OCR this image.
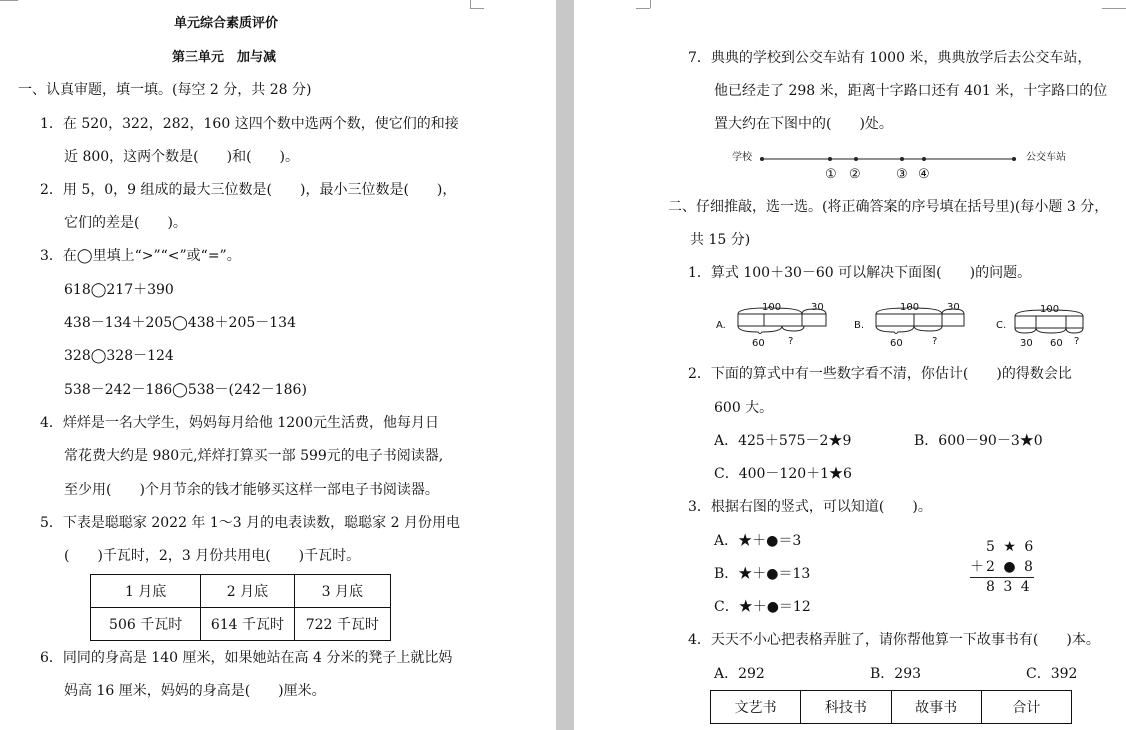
单元综合素质评价
第三单元　加与减
一、认真审题，填一填。(每空 2 分，共 28 分)
1．在 520，322，282，160 这四个数中选两个数，使它们的和接
近 800，这两个数是(　　)和(　　)。
2．用 5，0，9 组成的最大三位数是(　　)，最小三位数是(　　)，
它们的差是(　　)。
3．在◯里填上“>”“<”或“=”。
618◯217＋390
438－134＋205◯438＋205－134
328◯328－124
538－242－186◯538－(242－186)
4．烊烊是一名大学生，妈妈每月给他 1200元生活费，他每月日
常花费大约是 980元,烊烊打算买一部 599元的电子书阅读器,
至少用(　　)个月节余的钱才能够买这样一部电子书阅读器。
5．下表是聪聪家 2022 年 1～3 月的电表读数，聪聪家 2 月份用电
(　　)千瓦时，2，3 月份共用电(　　)千瓦时。
1 月底	2 月底	3 月底
506 千瓦时	614 千瓦时	722 千瓦时
6．同同的身高是 140 厘米，如果她站在高 4 分米的凳子上就比妈
妈高 16 厘米，妈妈的身高是(　　)厘米。
7．典典的学校到公交车站有 1000 米，典典放学后去公交车站，
他已经走了 298 米，距离十字路口还有 401 米，十字路口的位
置大约在下图中的(　　)处。
学校	公交车站
① ②	③ ④
二、仔细推敲，选一选。(将正确答案的序号填在括号里)(每小题 3 分，
共 15 分)
1．算式 100＋30－60 可以解决下面图(　　)的问题。
A.
100	30
60 ?
B.
100	30
60	?
C.
100
30 60 ?
2．下面的算式中有一些数字看不清，你估计(　　)的得数会比
600 大。
A．425＋575－2★9	B．600－90－3★0
C．400－120＋1★6
3．根据右图的竖式，可以知道(　　)。
A．★＋●＝3
B．★＋●＝13
C．★＋●＝12
5 ★ 6
＋2 ● 8
8 3 4
4．天天不小心把表格弄脏了，请你帮他算一下故事书有(　　)本。
A．292	B．293	C．392
文艺书	科技书	故事书	合计
